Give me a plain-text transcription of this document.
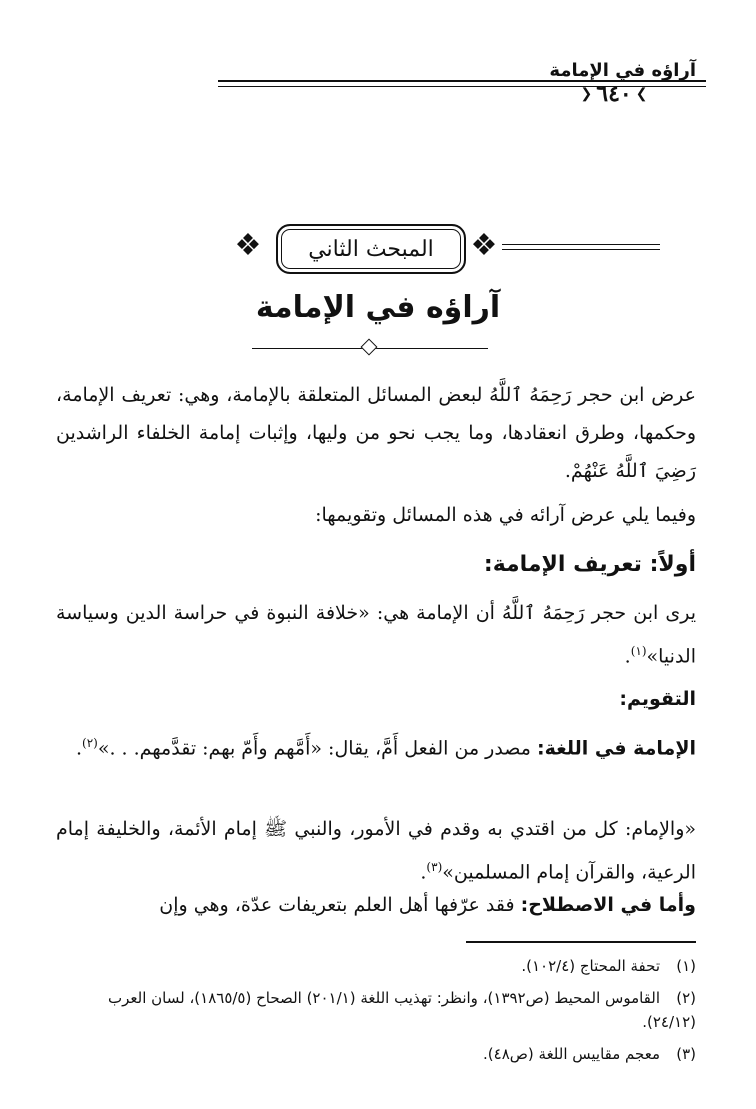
آراؤه في الإمامة
❯
٦٤٠
❮
❖
المبحث الثاني
❖
آراؤه في الإمامة
عرض ابن حجر رَحِمَهُ ٱللَّهُ لبعض المسائل المتعلقة بالإمامة، وهي: تعريف الإمامة، وحكمها، وطرق انعقادها، وما يجب نحو من وليها، وإثبات إمامة الخلفاء الراشدين رَضِيَ ٱللَّهُ عَنْهُمْ.
وفيما يلي عرض آرائه في هذه المسائل وتقويمها:
أولاً: تعريف الإمامة:
يرى ابن حجر رَحِمَهُ ٱللَّهُ أن الإمامة هي: «خلافة النبوة في حراسة الدين وسياسة الدنيا»$^{(١)}$.
التقويم:
الإمامة في اللغة: مصدر من الفعل أَمَّ، يقال: «أَمَّهم وأَمّ بهم: تقدَّمهم. . .»$^{(٢)}$.
«والإمام: كل من اقتدي به وقدم في الأمور، والنبي ﷺ إمام الأئمة، والخليفة إمام الرعية، والقرآن إمام المسلمين»$^{(٣)}$.
وأما في الاصطلاح: فقد عرّفها أهل العلم بتعريفات عدّة، وهي وإن
(١)تحفة المحتاج (١٠٢/٤).
(٢)القاموس المحيط (ص١٣٩٢)، وانظر: تهذيب اللغة (٢٠١/١) الصحاح (١٨٦٥/٥)، لسان العرب (٢٤/١٢).
(٣)معجم مقاييس اللغة (ص٤٨).
